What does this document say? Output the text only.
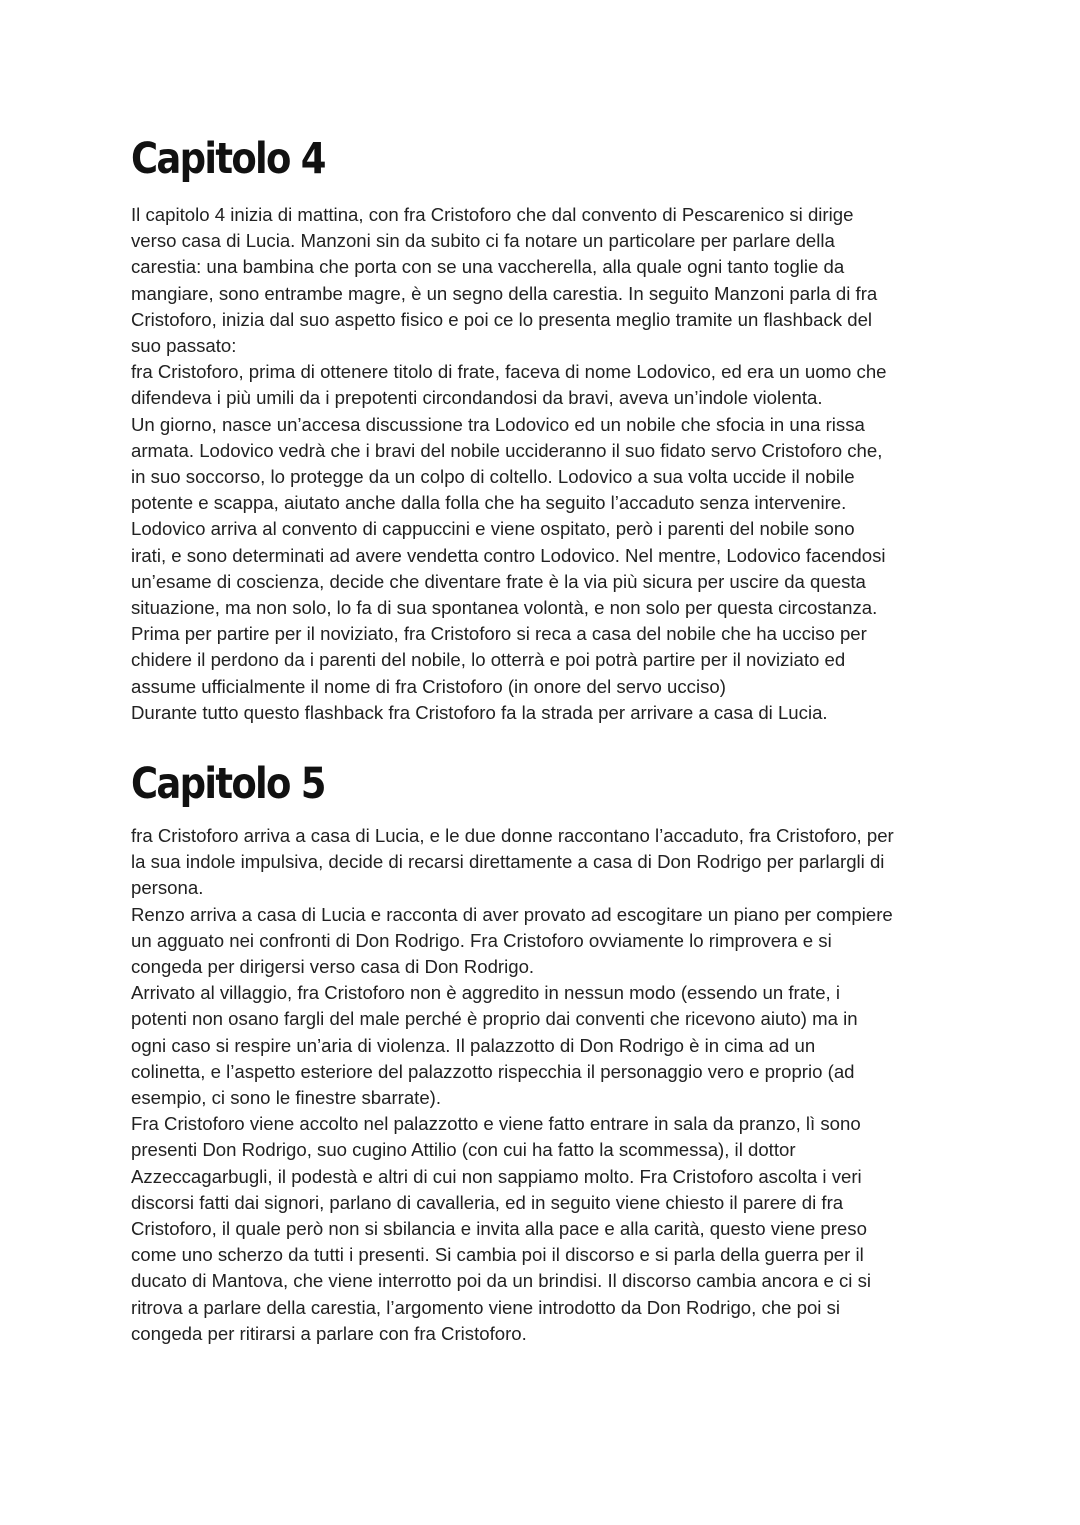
Capitolo 4
Il capitolo 4 inizia di mattina, con fra Cristoforo che dal convento di Pescarenico si dirige
verso casa di Lucia. Manzoni sin da subito ci fa notare un particolare per parlare della
carestia: una bambina che porta con se una vaccherella, alla quale ogni tanto toglie da
mangiare, sono entrambe magre, è un segno della carestia. In seguito Manzoni parla di fra
Cristoforo, inizia dal suo aspetto fisico e poi ce lo presenta meglio tramite un flashback del
suo passato:
fra Cristoforo, prima di ottenere titolo di frate, faceva di nome Lodovico, ed era un uomo che
difendeva i più umili da i prepotenti circondandosi da bravi, aveva un’indole violenta.
Un giorno, nasce un’accesa discussione tra Lodovico ed un nobile che sfocia in una rissa
armata. Lodovico vedrà che i bravi del nobile uccideranno il suo fidato servo Cristoforo che,
in suo soccorso, lo protegge da un colpo di coltello. Lodovico a sua volta uccide il nobile
potente e scappa, aiutato anche dalla folla che ha seguito l’accaduto senza intervenire.
Lodovico arriva al convento di cappuccini e viene ospitato, però i parenti del nobile sono
irati, e sono determinati ad avere vendetta contro Lodovico. Nel mentre, Lodovico facendosi
un’esame di coscienza, decide che diventare frate è la via più sicura per uscire da questa
situazione, ma non solo, lo fa di sua spontanea volontà, e non solo per questa circostanza.
Prima per partire per il noviziato, fra Cristoforo si reca a casa del nobile che ha ucciso per
chidere il perdono da i parenti del nobile, lo otterrà e poi potrà partire per il noviziato ed
assume ufficialmente il nome di fra Cristoforo (in onore del servo ucciso)
Durante tutto questo flashback fra Cristoforo fa la strada per arrivare a casa di Lucia.
Capitolo 5
fra Cristoforo arriva a casa di Lucia, e le due donne raccontano l’accaduto, fra Cristoforo, per
la sua indole impulsiva, decide di recarsi direttamente a casa di Don Rodrigo per parlargli di
persona.
Renzo arriva a casa di Lucia e racconta di aver provato ad escogitare un piano per compiere
un agguato nei confronti di Don Rodrigo. Fra Cristoforo ovviamente lo rimprovera e si
congeda per dirigersi verso casa di Don Rodrigo.
Arrivato al villaggio, fra Cristoforo non è aggredito in nessun modo (essendo un frate, i
potenti non osano fargli del male perché è proprio dai conventi che ricevono aiuto) ma in
ogni caso si respire un’aria di violenza. Il palazzotto di Don Rodrigo è in cima ad un
colinetta, e l’aspetto esteriore del palazzotto rispecchia il personaggio vero e proprio (ad
esempio, ci sono le finestre sbarrate).
Fra Cristoforo viene accolto nel palazzotto e viene fatto entrare in sala da pranzo, lì sono
presenti Don Rodrigo, suo cugino Attilio (con cui ha fatto la scommessa), il dottor
Azzeccagarbugli, il podestà e altri di cui non sappiamo molto. Fra Cristoforo ascolta i veri
discorsi fatti dai signori, parlano di cavalleria, ed in seguito viene chiesto il parere di fra
Cristoforo, il quale però non si sbilancia e invita alla pace e alla carità, questo viene preso
come uno scherzo da tutti i presenti. Si cambia poi il discorso e si parla della guerra per il
ducato di Mantova, che viene interrotto poi da un brindisi. Il discorso cambia ancora e ci si
ritrova a parlare della carestia, l’argomento viene introdotto da Don Rodrigo, che poi si
congeda per ritirarsi a parlare con fra Cristoforo.
